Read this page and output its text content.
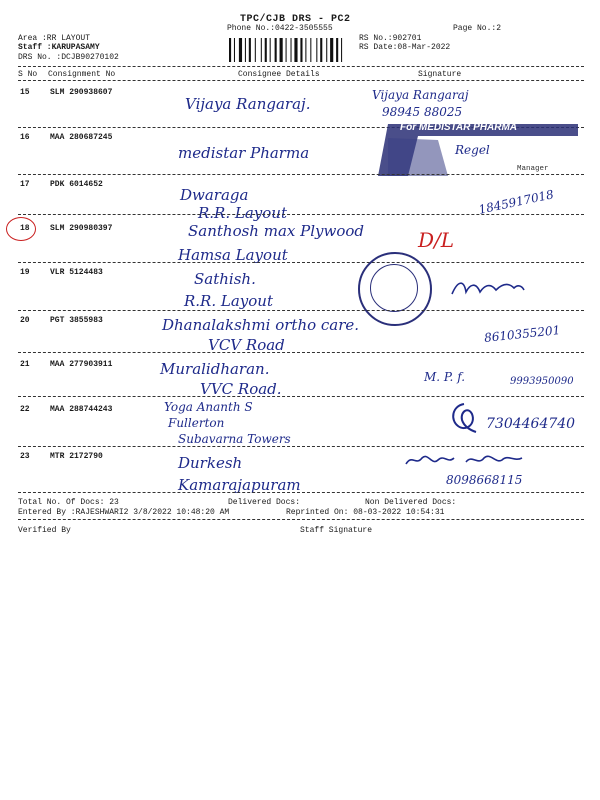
TPC/CJB DRS - PC2
Phone No.:0422-3505555	Page No.:2
Area :RR LAYOUT
Staff :KARUPASAMY
DRS No. :DCJB90270102
RS No.:902701
RS Date:08-Mar-2022
S No Consignment No	Consignee Details	Signature
15	SLM 290938607
Vijaya Rangaraj.	Vijaya Rangaraj
98945 88025
16	MAA 280687245
medistar Pharma
For MEDISTAR PHARMA
Regel
Manager
17	PDK 6014652
Dwaraga
R.R. Layout	1845917018
18	SLM 290980397	Santhosh max Plywood
Hamsa Layout
D/L
19	VLR 5124483	Sathish.
R.R. Layout
20	PGT 3855983	Dhanalakshmi ortho care.
VCV Road
8610355201
21	MAA 277903911	Muralidharan.
VVC Road.
M. P. f.	9993950090
22	MAA 288744243	Yoga Ananth S
Fullerton
Subavarna Towers
7304464740
23	MTR 2172790	Durkesh
Kamarajapuram	8098668115
Total No. Of Docs: 23	Delivered Docs:	Non Delivered Docs:
Entered By :RAJESHWARI2 3/8/2022 10:48:20 AM	Reprinted On: 08-03-2022 10:54:31
Verified By	Staff Signature
